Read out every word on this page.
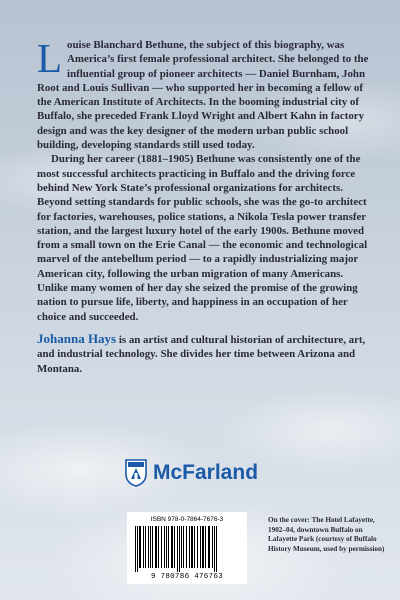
Louise Blanchard Bethune, the subject of this biography, was America’s first female professional architect. She belonged to the influential group of pioneer architects — Daniel Burnham, John Root and Louis Sullivan — who supported her in becoming a fellow of the American Institute of Architects. In the booming industrial city of Buffalo, she preceded Frank Lloyd Wright and Albert Kahn in factory design and was the key designer of the modern urban public school building, developing standards still used today.

During her career (1881–1905) Bethune was consistently one of the most successful architects practicing in Buffalo and the driving force behind New York State’s professional organizations for architects. Beyond setting standards for public schools, she was the go-to architect for factories, warehouses, police stations, a Nikola Tesla power transfer station, and the largest luxury hotel of the early 1900s. Bethune moved from a small town on the Erie Canal — the economic and technological marvel of the antebellum period — to a rapidly industrializing major American city, following the urban migration of many Americans. Unlike many women of her day she seized the promise of the growing nation to pursue life, liberty, and happiness in an occupation of her choice and succeeded.

Johanna Hays is an artist and cultural historian of architecture, art, and industrial technology. She divides her time between Arizona and Montana.

McFarland
ISBN 978-0-7864-7676-3
9 780786 476763
On the cover: The Hotel Lafayette, 1902–04, downtown Buffalo on Lafayette Park (courtesy of Buffalo History Museum, used by permission)
